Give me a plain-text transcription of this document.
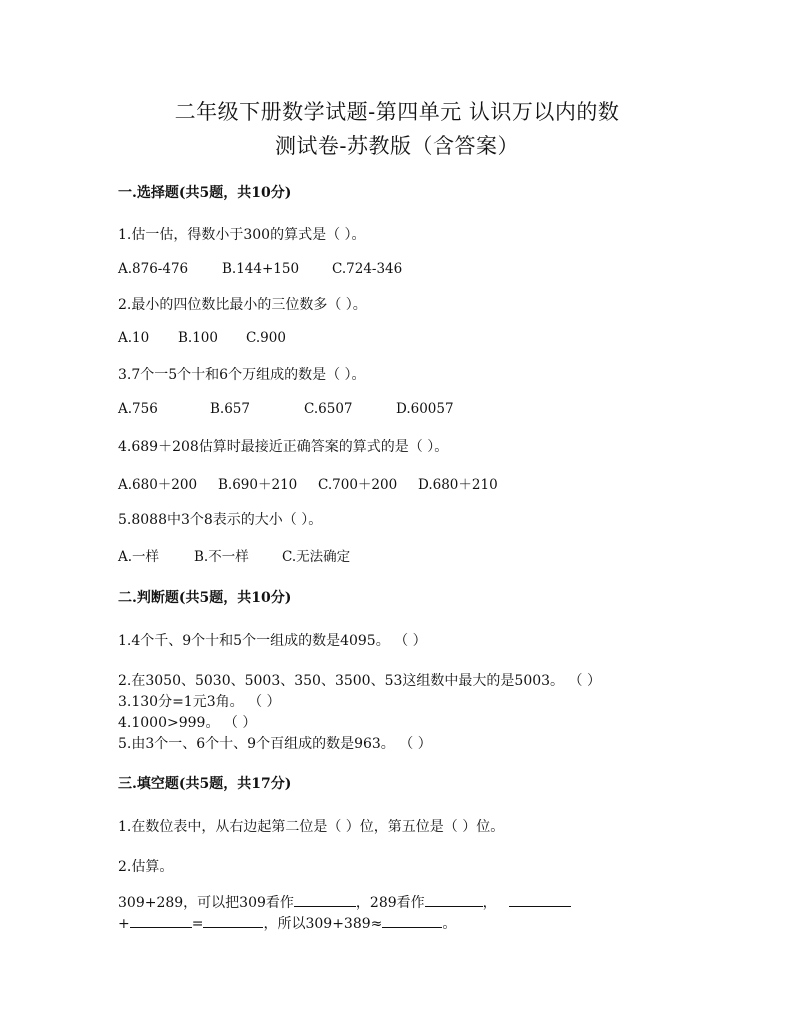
二年级下册数学试题-第四单元 认识万以内的数
测试卷-苏教版（含答案）
一.选择题(共5题，共10分)
1.估一估，得数小于300的算式是（ ）。
A.876-476	B.144+150 C.724-346
2.最小的四位数比最小的三位数多（ ）。
A.10 B.100 C.900
3.7个一5个十和6个万组成的数是（ ）。
A.756	B.657	C.6507	D.60057
4.689＋208估算时最接近正确答案的算式的是（ ）。
A.680＋200 B.690＋210 C.700＋200 D.680＋210
5.8088中3个8表示的大小（ ）。
A.一样	B.不一样 C.无法确定
二.判断题(共5题，共10分)
1.4个千、9个十和5个一组成的数是4095。 （ ）
2.在3050、5030、5003、350、3500、53这组数中最大的是5003。 （ ）
3.130分=1元3角。 （ ）
4.1000>999。 （ ）
5.由3个一、6个十、9个百组成的数是963。 （ ）
三.填空题(共5题，共17分)
1.在数位表中，从右边起第二位是（ ）位，第五位是（ ）位。
2.估算。
309+289，可以把309看作	，289看作	，
+	=	，所以309+389≈	。
